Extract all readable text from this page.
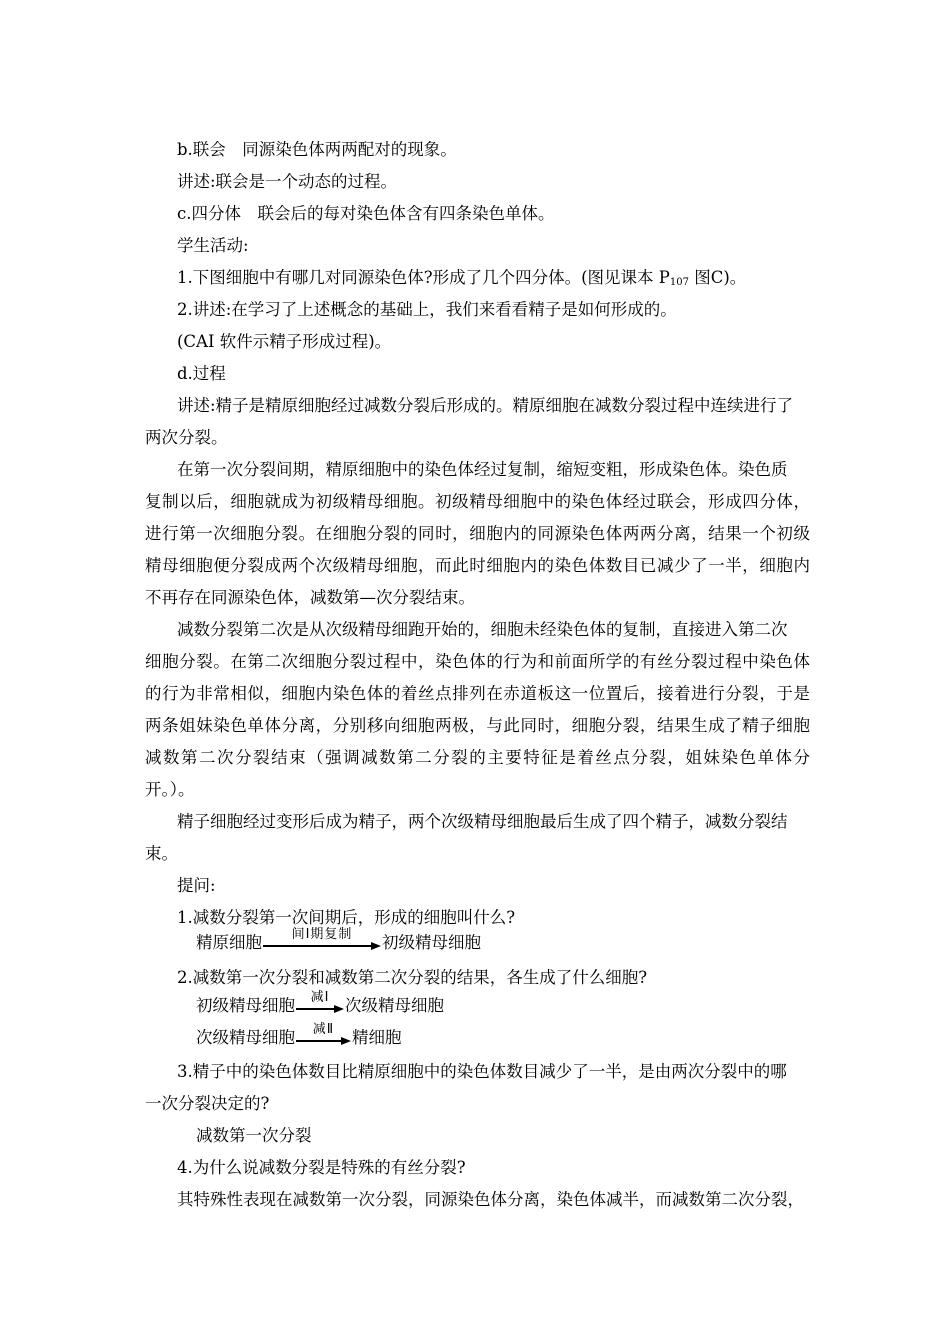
b.联会　同源染色体两两配对的现象。
讲述:联会是一个动态的过程。
c.四分体　联会后的每对染色体含有四条染色单体。
学生活动:
1.下图细胞中有哪几对同源染色体?形成了几个四分体。(图见课本 $P_{107}$ 图C)。
2.讲述:在学习了上述概念的基础上，我们来看看精子是如何形成的。
(CAI 软件示精子形成过程)。
d.过程
讲述:精子是精原细胞经过减数分裂后形成的。精原细胞在减数分裂过程中连续进行了
两次分裂。
在第一次分裂间期，精原细胞中的染色体经过复制，缩短变粗，形成染色体。染色质
复制以后，细胞就成为初级精母细胞。初级精母细胞中的染色体经过联会，形成四分体，
进行第一次细胞分裂。在细胞分裂的同时，细胞内的同源染色体两两分离，结果一个初级
精母细胞便分裂成两个次级精母细胞，而此时细胞内的染色体数目已减少了一半，细胞内
不再存在同源染色体，减数第—次分裂结束。
减数分裂第二次是从次级精母细跑开始的，细胞未经染色体的复制，直接进入第二次
细胞分裂。在第二次细胞分裂过程中，染色体的行为和前面所学的有丝分裂过程中染色体
的行为非常相似，细胞内染色体的着丝点排列在赤道板这一位置后，接着进行分裂，于是
两条姐妹染色单体分离，分别移向细胞两极，与此同时，细胞分裂，结果生成了精子细胞
减数第二次分裂结束（强调减数第二分裂的主要特征是着丝点分裂，姐妹染色单体分
开。）。
精子细胞经过变形后成为精子，两个次级精母细胞最后生成了四个精子，减数分裂结
束。
提问:
1.减数分裂第一次间期后，形成的细胞叫什么?
精原细胞	间Ⅰ期复制	初级精母细胞
2.减数第一次分裂和减数第二次分裂的结果，各生成了什么细胞?
初级精母细胞	减Ⅰ 次级精母细胞
次级精母细胞	减Ⅱ	精细胞
3.精子中的染色体数目比精原细胞中的染色体数目减少了一半，是由两次分裂中的哪
一次分裂决定的?
减数第一次分裂
4.为什么说减数分裂是特殊的有丝分裂?
其特殊性表现在减数第一次分裂，同源染色体分离，染色体减半，而减数第二次分裂，
